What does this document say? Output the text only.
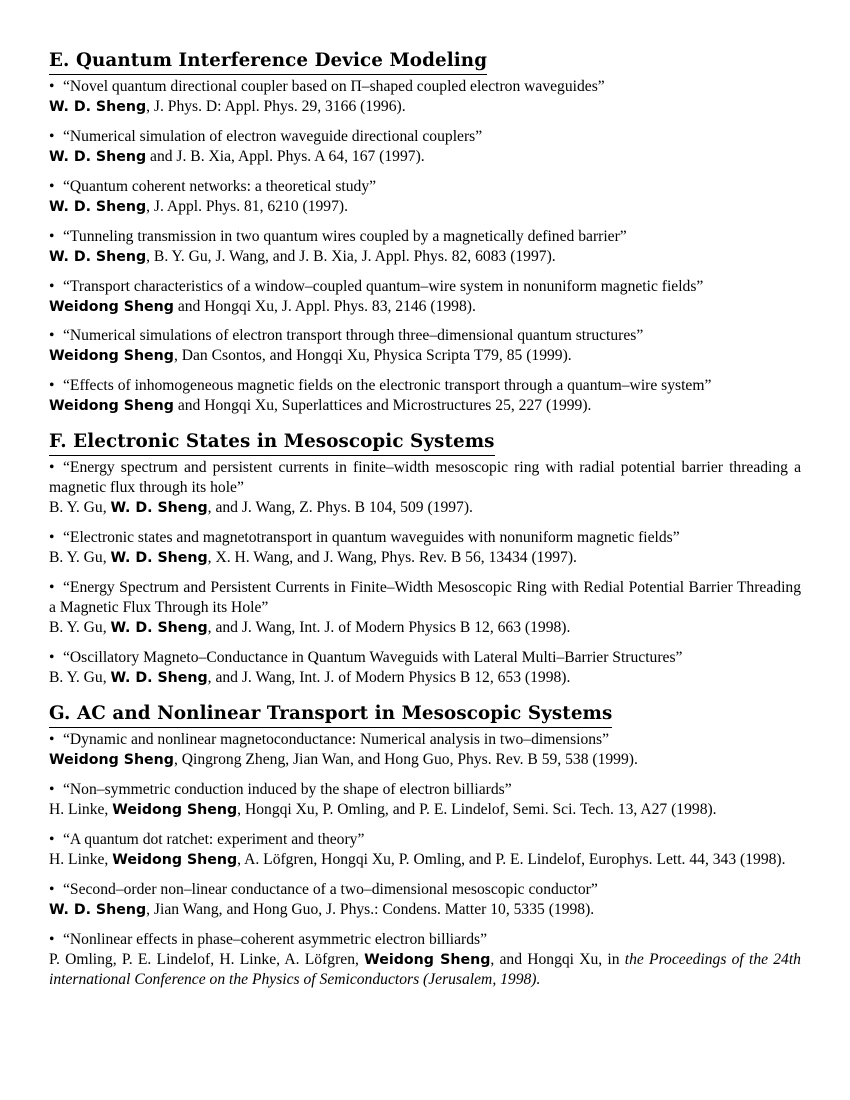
E. Quantum Interference Device Modeling
• “Novel quantum directional coupler based on Π–shaped coupled electron waveguides”
W. D. Sheng, J. Phys. D: Appl. Phys. 29, 3166 (1996).
• “Numerical simulation of electron waveguide directional couplers”
W. D. Sheng and J. B. Xia, Appl. Phys. A 64, 167 (1997).
• “Quantum coherent networks: a theoretical study”
W. D. Sheng, J. Appl. Phys. 81, 6210 (1997).
• “Tunneling transmission in two quantum wires coupled by a magnetically defined barrier”
W. D. Sheng, B. Y. Gu, J. Wang, and J. B. Xia, J. Appl. Phys. 82, 6083 (1997).
• “Transport characteristics of a window–coupled quantum–wire system in nonuniform magnetic fields”
Weidong Sheng and Hongqi Xu, J. Appl. Phys. 83, 2146 (1998).
• “Numerical simulations of electron transport through three–dimensional quantum structures”
Weidong Sheng, Dan Csontos, and Hongqi Xu, Physica Scripta T79, 85 (1999).
• “Effects of inhomogeneous magnetic fields on the electronic transport through a quantum–wire system”
Weidong Sheng and Hongqi Xu, Superlattices and Microstructures 25, 227 (1999).
F. Electronic States in Mesoscopic Systems
• “Energy spectrum and persistent currents in finite–width mesoscopic ring with radial potential barrier threading a magnetic flux through its hole”
B. Y. Gu, W. D. Sheng, and J. Wang, Z. Phys. B 104, 509 (1997).
• “Electronic states and magnetotransport in quantum waveguides with nonuniform magnetic fields”
B. Y. Gu, W. D. Sheng, X. H. Wang, and J. Wang, Phys. Rev. B 56, 13434 (1997).
• “Energy Spectrum and Persistent Currents in Finite–Width Mesoscopic Ring with Redial Potential Barrier Threading a Magnetic Flux Through its Hole”
B. Y. Gu, W. D. Sheng, and J. Wang, Int. J. of Modern Physics B 12, 663 (1998).
• “Oscillatory Magneto–Conductance in Quantum Waveguids with Lateral Multi–Barrier Structures”
B. Y. Gu, W. D. Sheng, and J. Wang, Int. J. of Modern Physics B 12, 653 (1998).
G. AC and Nonlinear Transport in Mesoscopic Systems
• “Dynamic and nonlinear magnetoconductance: Numerical analysis in two–dimensions”
Weidong Sheng, Qingrong Zheng, Jian Wan, and Hong Guo, Phys. Rev. B 59, 538 (1999).
• “Non–symmetric conduction induced by the shape of electron billiards”
H. Linke, Weidong Sheng, Hongqi Xu, P. Omling, and P. E. Lindelof, Semi. Sci. Tech. 13, A27 (1998).
• “A quantum dot ratchet: experiment and theory”
H. Linke, Weidong Sheng, A. Löfgren, Hongqi Xu, P. Omling, and P. E. Lindelof, Europhys. Lett. 44, 343 (1998).
• “Second–order non–linear conductance of a two–dimensional mesoscopic conductor”
W. D. Sheng, Jian Wang, and Hong Guo, J. Phys.: Condens. Matter 10, 5335 (1998).
• “Nonlinear effects in phase–coherent asymmetric electron billiards”
P. Omling, P. E. Lindelof, H. Linke, A. Löfgren, Weidong Sheng, and Hongqi Xu, in the Proceedings of the 24th international Conference on the Physics of Semiconductors (Jerusalem, 1998).
